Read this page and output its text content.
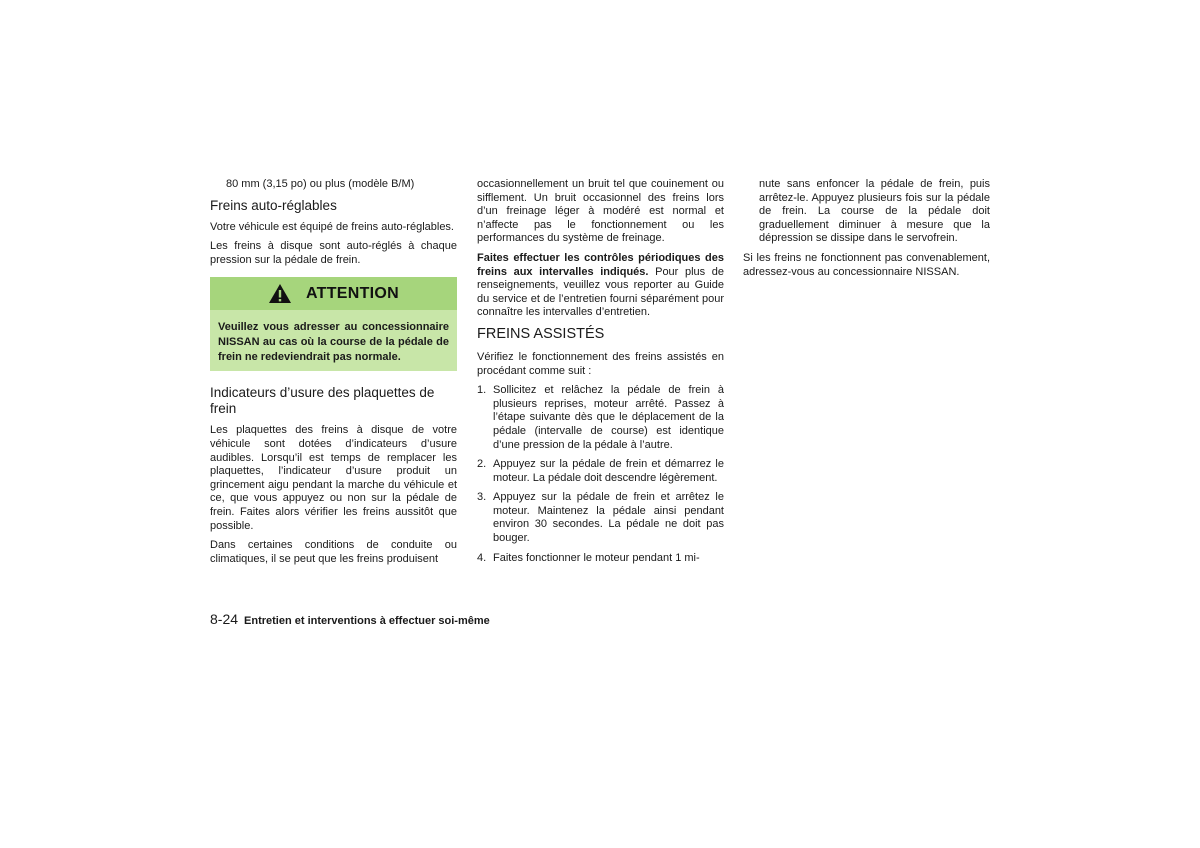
80 mm (3,15 po) ou plus (modèle B/M)

Freins auto-réglables

Votre véhicule est équipé de freins auto-réglables.

Les freins à disque sont auto-réglés à chaque pression sur la pédale de frein.

ATTENTION

Veuillez vous adresser au concessionnaire NISSAN au cas où la course de la pédale de frein ne redeviendrait pas normale.

Indicateurs d’usure des plaquettes de frein

Les plaquettes des freins à disque de votre véhicule sont dotées d’indicateurs d’usure audibles. Lorsqu’il est temps de remplacer les plaquettes, l’indicateur d’usure produit un grincement aigu pendant la marche du véhicule et ce, que vous appuyez ou non sur la pédale de frein. Faites alors vérifier les freins aussitôt que possible.

Dans certaines conditions de conduite ou climatiques, il se peut que les freins produisent

occasionnellement un bruit tel que couinement ou sifflement. Un bruit occasionnel des freins lors d’un freinage léger à modéré est normal et n’affecte pas le fonctionnement ou les performances du système de freinage.

Faites effectuer les contrôles périodiques des freins aux intervalles indiqués. Pour plus de renseignements, veuillez vous reporter au Guide du service et de l’entretien fourni séparément pour connaître les intervalles d’entretien.

FREINS ASSISTÉS

Vérifiez le fonctionnement des freins assistés en procédant comme suit :

1. Sollicitez et relâchez la pédale de frein à plusieurs reprises, moteur arrêté. Passez à l’étape suivante dès que le déplacement de la pédale (intervalle de course) est identique d’une pression de la pédale à l’autre.
2. Appuyez sur la pédale de frein et démarrez le moteur. La pédale doit descendre légèrement.
3. Appuyez sur la pédale de frein et arrêtez le moteur. Maintenez la pédale ainsi pendant environ 30 secondes. La pédale ne doit pas bouger.
4. Faites fonctionner le moteur pendant 1 mi-

nute sans enfoncer la pédale de frein, puis arrêtez-le. Appuyez plusieurs fois sur la pédale de frein. La course de la pédale doit graduellement diminuer à mesure que la dépression se dissipe dans le servofrein.

Si les freins ne fonctionnent pas convenablement, adressez-vous au concessionnaire NISSAN.

8-24 Entretien et interventions à effectuer soi-même
